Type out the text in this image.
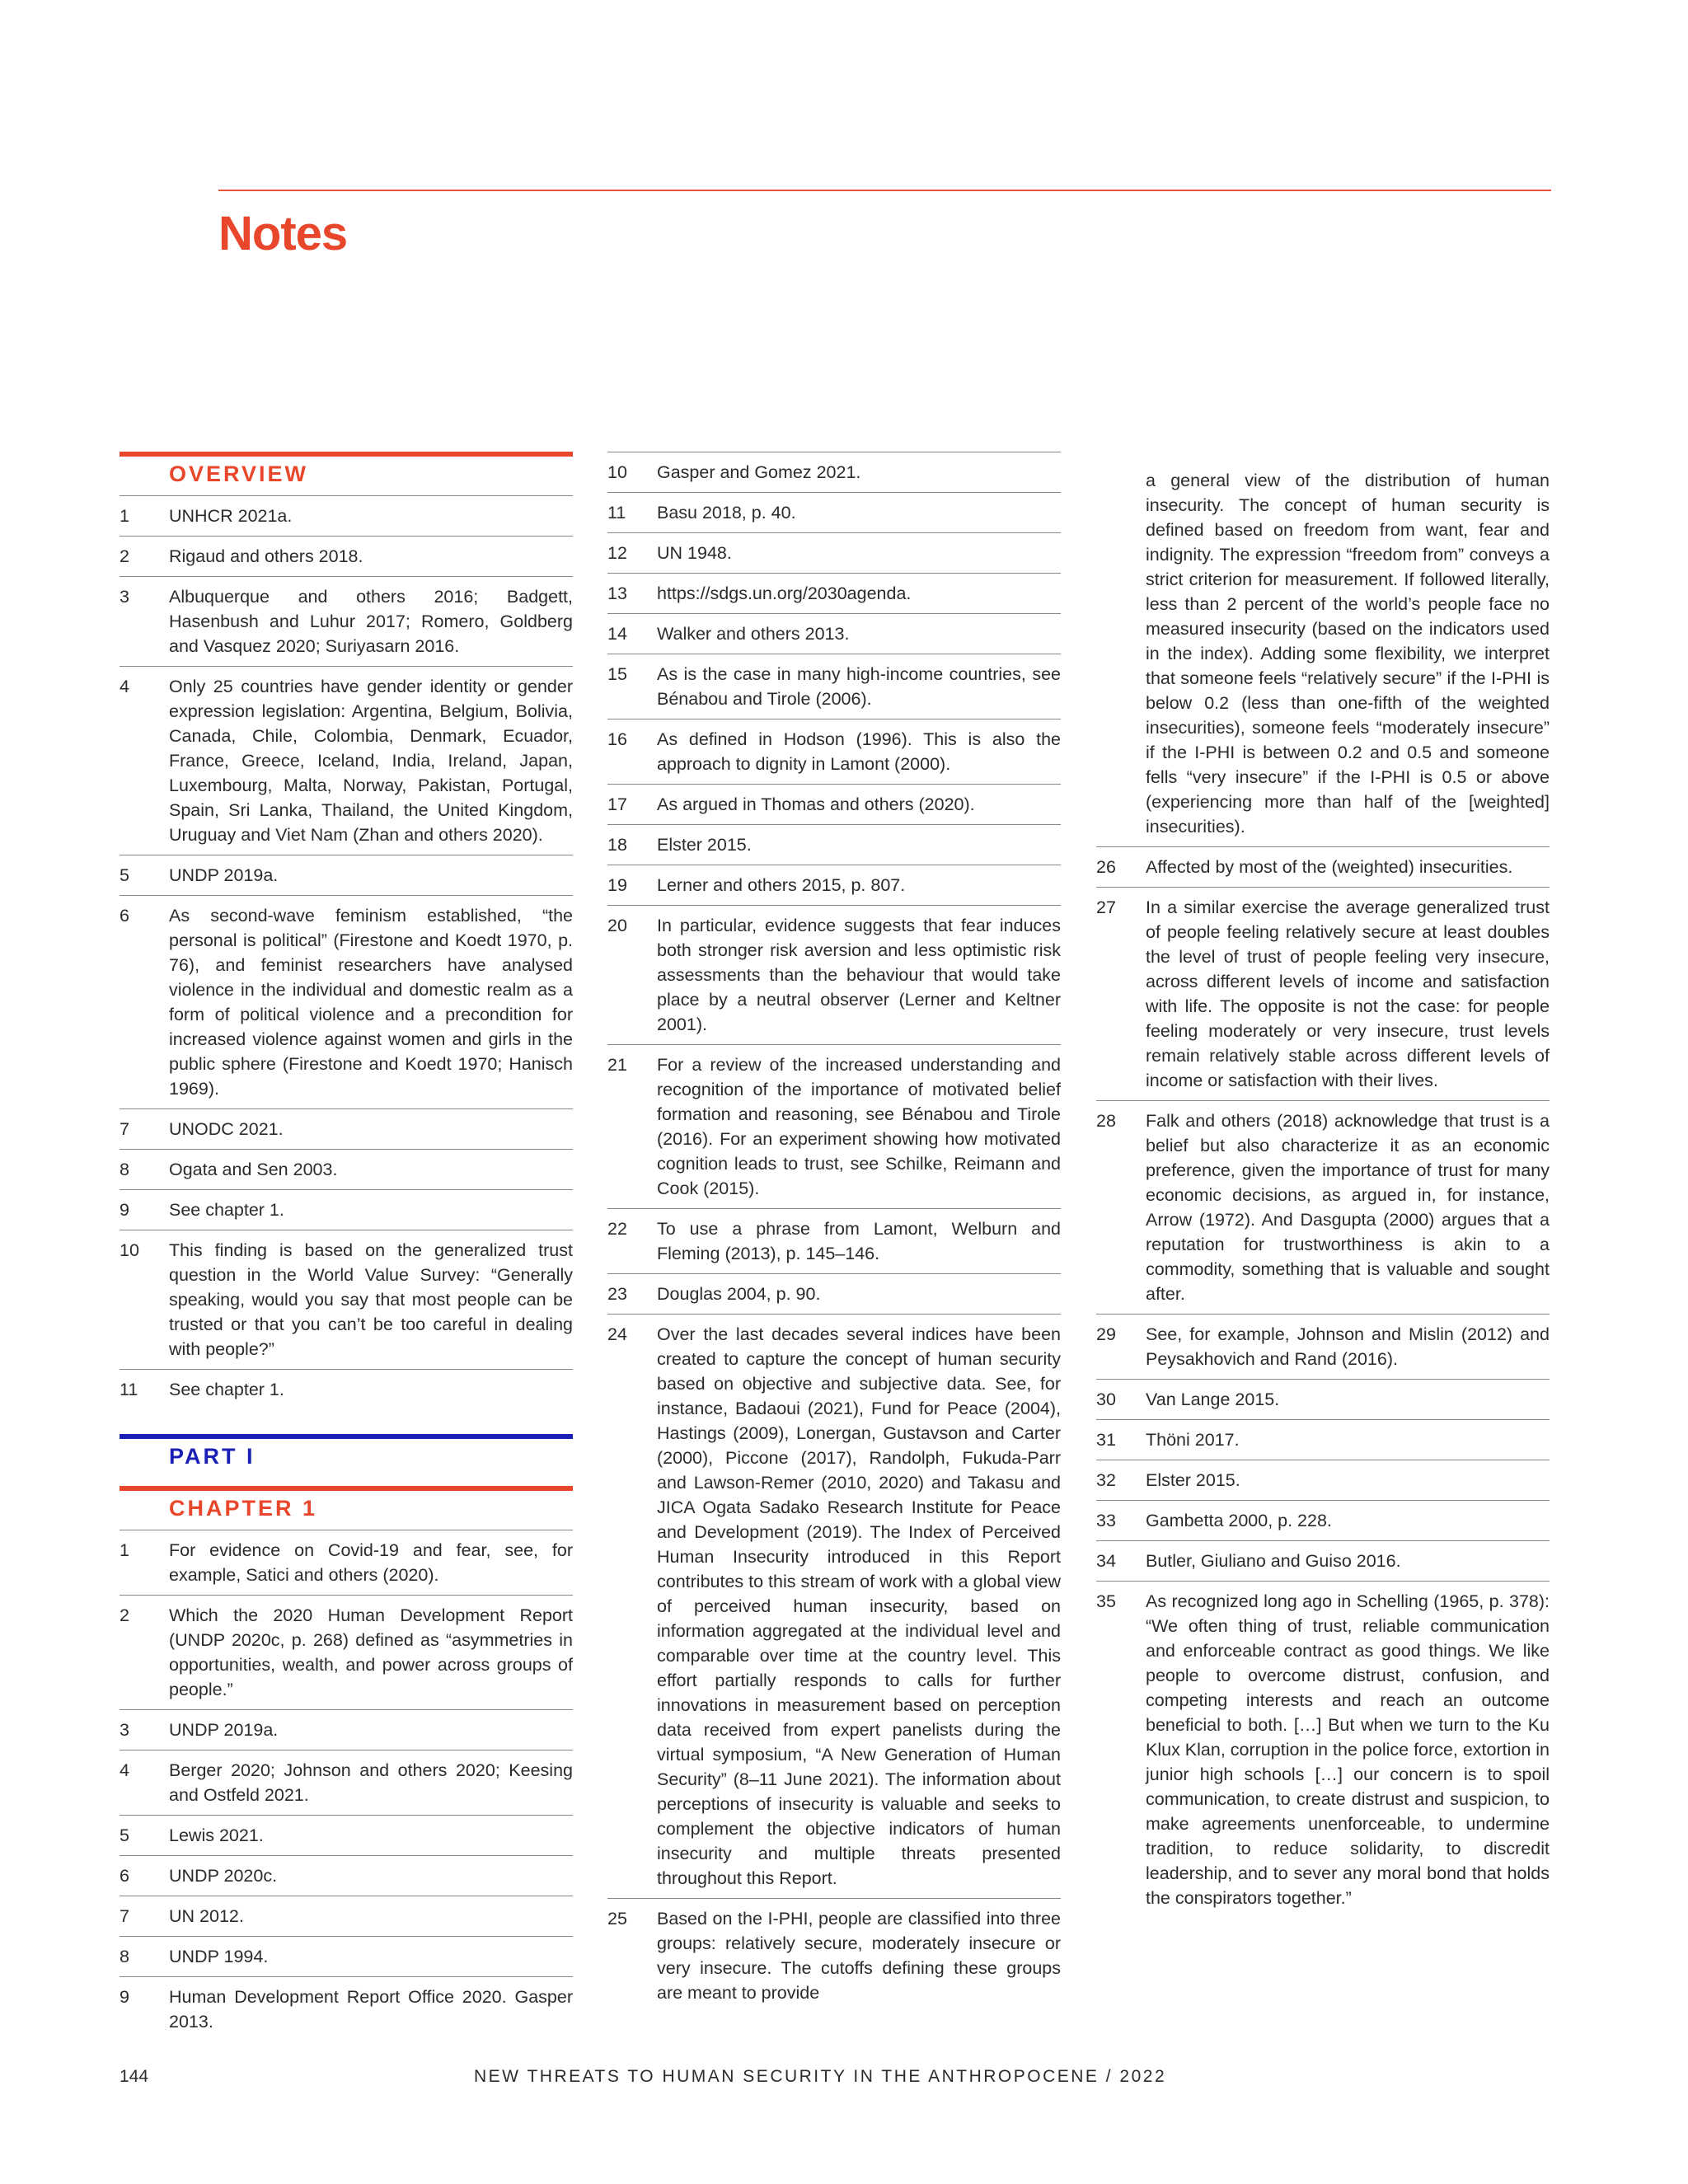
Notes
OVERVIEW
1	UNHCR 2021a.
2	Rigaud and others 2018.
3	Albuquerque and others 2016; Badgett, Hasenbush and Luhur 2017; Romero, Goldberg and Vasquez 2020; Suriyasarn 2016.
4	Only 25 countries have gender identity or gender expression legislation: Argentina, Belgium, Bolivia, Canada, Chile, Colombia, Denmark, Ecuador, France, Greece, Iceland, India, Ireland, Japan, Luxembourg, Malta, Norway, Pakistan, Portugal, Spain, Sri Lanka, Thailand, the United Kingdom, Uruguay and Viet Nam (Zhan and others 2020).
5	UNDP 2019a.
6	As second-wave feminism established, “the personal is political” (Firestone and Koedt 1970, p. 76), and feminist researchers have analysed violence in the individual and domestic realm as a form of political violence and a precondition for increased violence against women and girls in the public sphere (Firestone and Koedt 1970; Hanisch 1969).
7	UNODC 2021.
8	Ogata and Sen 2003.
9	See chapter 1.
10	This finding is based on the generalized trust question in the World Value Survey: “Generally speaking, would you say that most people can be trusted or that you can’t be too careful in dealing with people?”
11	See chapter 1.
PART I
CHAPTER 1
1	For evidence on Covid-19 and fear, see, for example, Satici and others (2020).
2	Which the 2020 Human Development Report (UNDP 2020c, p. 268) defined as “asymmetries in opportunities, wealth, and power across groups of people.”
3	UNDP 2019a.
4	Berger 2020; Johnson and others 2020; Keesing and Ostfeld 2021.
5	Lewis 2021.
6	UNDP 2020c.
7	UN 2012.
8	UNDP 1994.
9	Human Development Report Office 2020. Gasper 2013.
10	Gasper and Gomez 2021.
11	Basu 2018, p. 40.
12	UN 1948.
13	https://sdgs.un.org/2030agenda.
14	Walker and others 2013.
15	As is the case in many high-income countries, see Bénabou and Tirole (2006).
16	As defined in Hodson (1996). This is also the approach to dignity in Lamont (2000).
17	As argued in Thomas and others (2020).
18	Elster 2015.
19	Lerner and others 2015, p. 807.
20	In particular, evidence suggests that fear induces both stronger risk aversion and less optimistic risk assessments than the behaviour that would take place by a neutral observer (Lerner and Keltner 2001).
21	For a review of the increased understanding and recognition of the importance of motivated belief formation and reasoning, see Bénabou and Tirole (2016). For an experiment showing how motivated cognition leads to trust, see Schilke, Reimann and Cook (2015).
22	To use a phrase from Lamont, Welburn and Fleming (2013), p. 145–146.
23	Douglas 2004, p. 90.
24	Over the last decades several indices have been created to capture the concept of human security based on objective and subjective data. See, for instance, Badaoui (2021), Fund for Peace (2004), Hastings (2009), Lonergan, Gustavson and Carter (2000), Piccone (2017), Randolph, Fukuda-Parr and Lawson-Remer (2010, 2020) and Takasu and JICA Ogata Sadako Research Institute for Peace and Development (2019). The Index of Perceived Human Insecurity introduced in this Report contributes to this stream of work with a global view of perceived human insecurity, based on information aggregated at the individual level and comparable over time at the country level. This effort partially responds to calls for further innovations in measurement based on perception data received from expert panelists during the virtual symposium, “A New Generation of Human Security” (8–11 June 2021). The information about perceptions of insecurity is valuable and seeks to complement the objective indicators of human insecurity and multiple threats presented throughout this Report.
25	Based on the I-PHI, people are classified into three groups: relatively secure, moderately insecure or very insecure. The cutoffs defining these groups are meant to provide
a general view of the distribution of human insecurity. The concept of human security is defined based on freedom from want, fear and indignity. The expression “freedom from” conveys a strict criterion for measurement. If followed literally, less than 2 percent of the world’s people face no measured insecurity (based on the indicators used in the index). Adding some flexibility, we interpret that someone feels “relatively secure” if the I-PHI is below 0.2 (less than one-fifth of the weighted insecurities), someone feels “moderately insecure” if the I-PHI is between 0.2 and 0.5 and someone fells “very insecure” if the I-PHI is 0.5 or above (experiencing more than half of the [weighted] insecurities).
26	Affected by most of the (weighted) insecurities.
27	In a similar exercise the average generalized trust of people feeling relatively secure at least doubles the level of trust of people feeling very insecure, across different levels of income and satisfaction with life. The opposite is not the case: for people feeling moderately or very insecure, trust levels remain relatively stable across different levels of income or satisfaction with their lives.
28	Falk and others (2018) acknowledge that trust is a belief but also characterize it as an economic preference, given the importance of trust for many economic decisions, as argued in, for instance, Arrow (1972). And Dasgupta (2000) argues that a reputation for trustworthiness is akin to a commodity, something that is valuable and sought after.
29	See, for example, Johnson and Mislin (2012) and Peysakhovich and Rand (2016).
30	Van Lange 2015.
31	Thöni 2017.
32	Elster 2015.
33	Gambetta 2000, p. 228.
34	Butler, Giuliano and Guiso 2016.
35	As recognized long ago in Schelling (1965, p. 378): “We often thing of trust, reliable communication and enforceable contract as good things. We like people to overcome distrust, confusion, and competing interests and reach an outcome beneficial to both. […] But when we turn to the Ku Klux Klan, corruption in the police force, extortion in junior high schools […] our concern is to spoil communication, to create distrust and suspicion, to make agreements unenforceable, to undermine tradition, to reduce solidarity, to discredit leadership, and to sever any moral bond that holds the conspirators together.”
144	NEW THREATS TO HUMAN SECURITY IN THE ANTHROPOCENE / 2022
